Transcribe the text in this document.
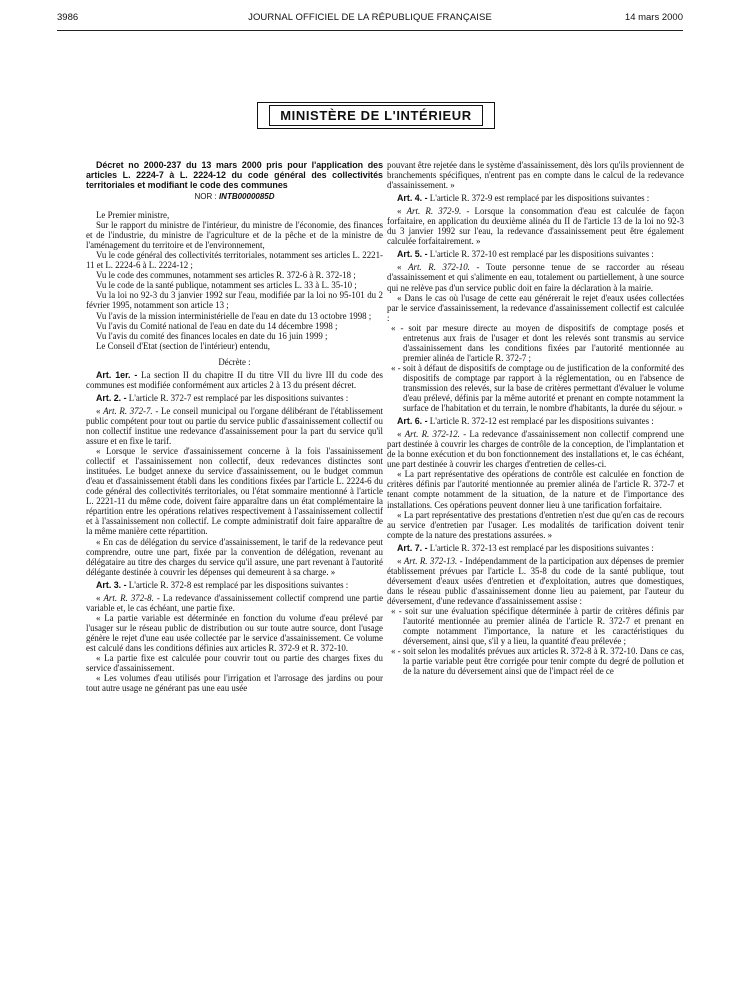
3986	JOURNAL OFFICIEL DE LA RÉPUBLIQUE FRANÇAISE	14 mars 2000
MINISTÈRE DE L'INTÉRIEUR

Décret no 2000-237 du 13 mars 2000 pris pour l'application des articles L. 2224-7 à L. 2224-12 du code général des collectivités territoriales et modifiant le code des communes

NOR : INTB0000085D

Le Premier ministre,

Sur le rapport du ministre de l'intérieur, du ministre de l'économie, des finances et de l'industrie, du ministre de l'agriculture et de la pêche et de la ministre de l'aménagement du territoire et de l'environnement,

Vu le code général des collectivités territoriales, notamment ses articles L. 2221-11 et L. 2224-6 à L. 2224-12 ;

Vu le code des communes, notamment ses articles R. 372-6 à R. 372-18 ;

Vu le code de la santé publique, notamment ses articles L. 33 à L. 35-10 ;

Vu la loi no 92-3 du 3 janvier 1992 sur l'eau, modifiée par la loi no 95-101 du 2 février 1995, notamment son article 13 ;

Vu l'avis de la mission interministérielle de l'eau en date du 13 octobre 1998 ;

Vu l'avis du Comité national de l'eau en date du 14 décembre 1998 ;

Vu l'avis du comité des finances locales en date du 16 juin 1999 ;

Le Conseil d'Etat (section de l'intérieur) entendu,

Décrète :

Art. 1er. - La section II du chapitre II du titre VII du livre III du code des communes est modifiée conformément aux articles 2 à 13 du présent décret.

Art. 2. - L'article R. 372-7 est remplacé par les dispositions suivantes :

« Art. R. 372-7. - Le conseil municipal ou l'organe délibérant de l'établissement public compétent pour tout ou partie du service public d'assainissement collectif ou non collectif institue une redevance d'assainissement pour la part du service qu'il assure et en fixe le tarif.

« Lorsque le service d'assainissement concerne à la fois l'assainissement collectif et l'assainissement non collectif, deux redevances distinctes sont instituées. Le budget annexe du service d'assainissement, ou le budget commun d'eau et d'assainissement établi dans les conditions fixées par l'article L. 2224-6 du code général des collectivités territoriales, ou l'état sommaire mentionné à l'article L. 2221-11 du même code, doivent faire apparaître dans un état complémentaire la répartition entre les opérations relatives respectivement à l'assainissement collectif et à l'assainissement non collectif. Le compte administratif doit faire apparaître de la même manière cette répartition.

« En cas de délégation du service d'assainissement, le tarif de la redevance peut comprendre, outre une part, fixée par la convention de délégation, revenant au délégataire au titre des charges du service qu'il assure, une part revenant à l'autorité délégante destinée à couvrir les dépenses qui demeurent à sa charge. »

Art. 3. - L'article R. 372-8 est remplacé par les dispositions suivantes :

« Art. R. 372-8. - La redevance d'assainissement collectif comprend une partie variable et, le cas échéant, une partie fixe.

« La partie variable est déterminée en fonction du volume d'eau prélevé par l'usager sur le réseau public de distribution ou sur toute autre source, dont l'usage génère le rejet d'une eau usée collectée par le service d'assainissement. Ce volume est calculé dans les conditions définies aux articles R. 372-9 et R. 372-10.

« La partie fixe est calculée pour couvrir tout ou partie des charges fixes du service d'assainissement.

« Les volumes d'eau utilisés pour l'irrigation et l'arrosage des jardins ou pour tout autre usage ne générant pas une eau usée

pouvant être rejetée dans le système d'assainissement, dès lors qu'ils proviennent de branchements spécifiques, n'entrent pas en compte dans le calcul de la redevance d'assainissement. »

Art. 4. - L'article R. 372-9 est remplacé par les dispositions suivantes :

« Art. R. 372-9. - Lorsque la consommation d'eau est calculée de façon forfaitaire, en application du deuxième alinéa du II de l'article 13 de la loi no 92-3 du 3 janvier 1992 sur l'eau, la redevance d'assainissement peut être également calculée forfaitairement. »

Art. 5. - L'article R. 372-10 est remplacé par les dispositions suivantes :

« Art. R. 372-10. - Toute personne tenue de se raccorder au réseau d'assainissement et qui s'alimente en eau, totalement ou partiellement, à une source qui ne relève pas d'un service public doit en faire la déclaration à la mairie.

« Dans le cas où l'usage de cette eau générerait le rejet d'eaux usées collectées par le service d'assainissement, la redevance d'assainissement collectif est calculée :

« - soit par mesure directe au moyen de dispositifs de comptage posés et entretenus aux frais de l'usager et dont les relevés sont transmis au service d'assainissement dans les conditions fixées par l'autorité mentionnée au premier alinéa de l'article R. 372-7 ;

« - soit à défaut de dispositifs de comptage ou de justification de la conformité des dispositifs de comptage par rapport à la réglementation, ou en l'absence de transmission des relevés, sur la base de critères permettant d'évaluer le volume d'eau prélevé, définis par la même autorité et prenant en compte notamment la surface de l'habitation et du terrain, le nombre d'habitants, la durée du séjour. »

Art. 6. - L'article R. 372-12 est remplacé par les dispositions suivantes :

« Art. R. 372-12. - La redevance d'assainissement non collectif comprend une part destinée à couvrir les charges de contrôle de la conception, de l'implantation et de la bonne exécution et du bon fonctionnement des installations et, le cas échéant, une part destinée à couvrir les charges d'entretien de celles-ci.

« La part représentative des opérations de contrôle est calculée en fonction de critères définis par l'autorité mentionnée au premier alinéa de l'article R. 372-7 et tenant compte notamment de la situation, de la nature et de l'importance des installations. Ces opérations peuvent donner lieu à une tarification forfaitaire.

« La part représentative des prestations d'entretien n'est due qu'en cas de recours au service d'entretien par l'usager. Les modalités de tarification doivent tenir compte de la nature des prestations assurées. »

Art. 7. - L'article R. 372-13 est remplacé par les dispositions suivantes :

« Art. R. 372-13. - Indépendamment de la participation aux dépenses de premier établissement prévues par l'article L. 35-8 du code de la santé publique, tout déversement d'eaux usées d'entretien et d'exploitation, autres que domestiques, dans le réseau public d'assainissement donne lieu au paiement, par l'auteur du déversement, d'une redevance d'assainissement assise :

« - soit sur une évaluation spécifique déterminée à partir de critères définis par l'autorité mentionnée au premier alinéa de l'article R. 372-7 et prenant en compte notamment l'importance, la nature et les caractéristiques du déversement, ainsi que, s'il y a lieu, la quantité d'eau prélevée ;

« - soit selon les modalités prévues aux articles R. 372-8 à R. 372-10. Dans ce cas, la partie variable peut être corrigée pour tenir compte du degré de pollution et de la nature du déversement ainsi que de l'impact réel de ce
